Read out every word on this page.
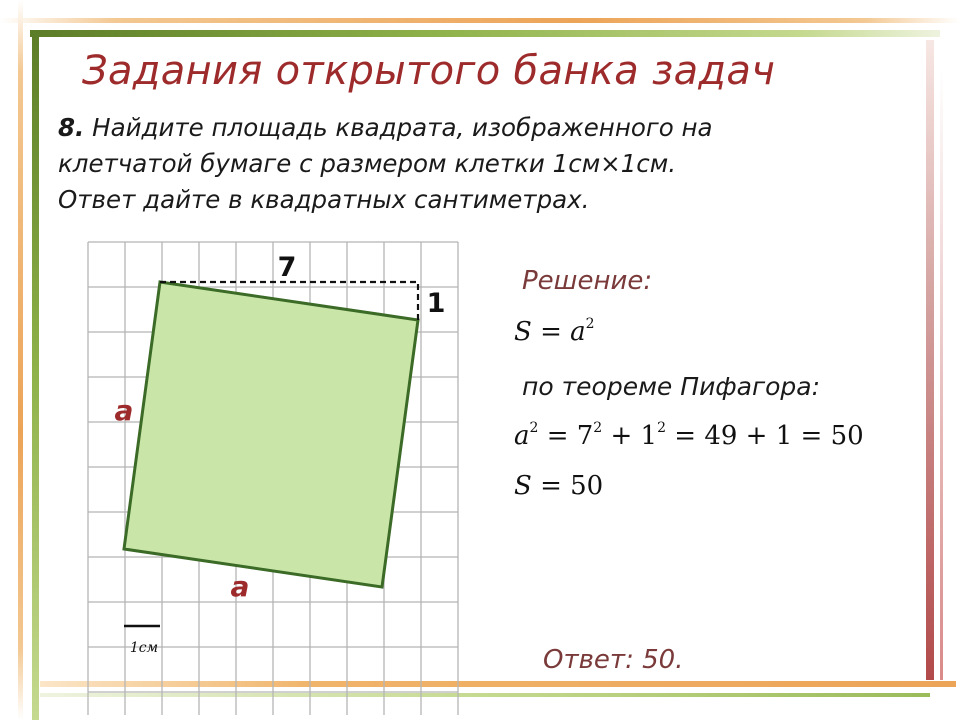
Задания открытого банка задач

8. Найдите площадь квадрата, изображенного на
клетчатой бумаге с размером клетки 1см×1см.
Ответ дайте в квадратных сантиметрах.

7
1
a
a
1см

Решение:

$S = a^2$

по теореме Пифагора:

$a^2 = 7^2 + 1^2 = 49 + 1 = 50$

S = 50

Ответ: 50.
